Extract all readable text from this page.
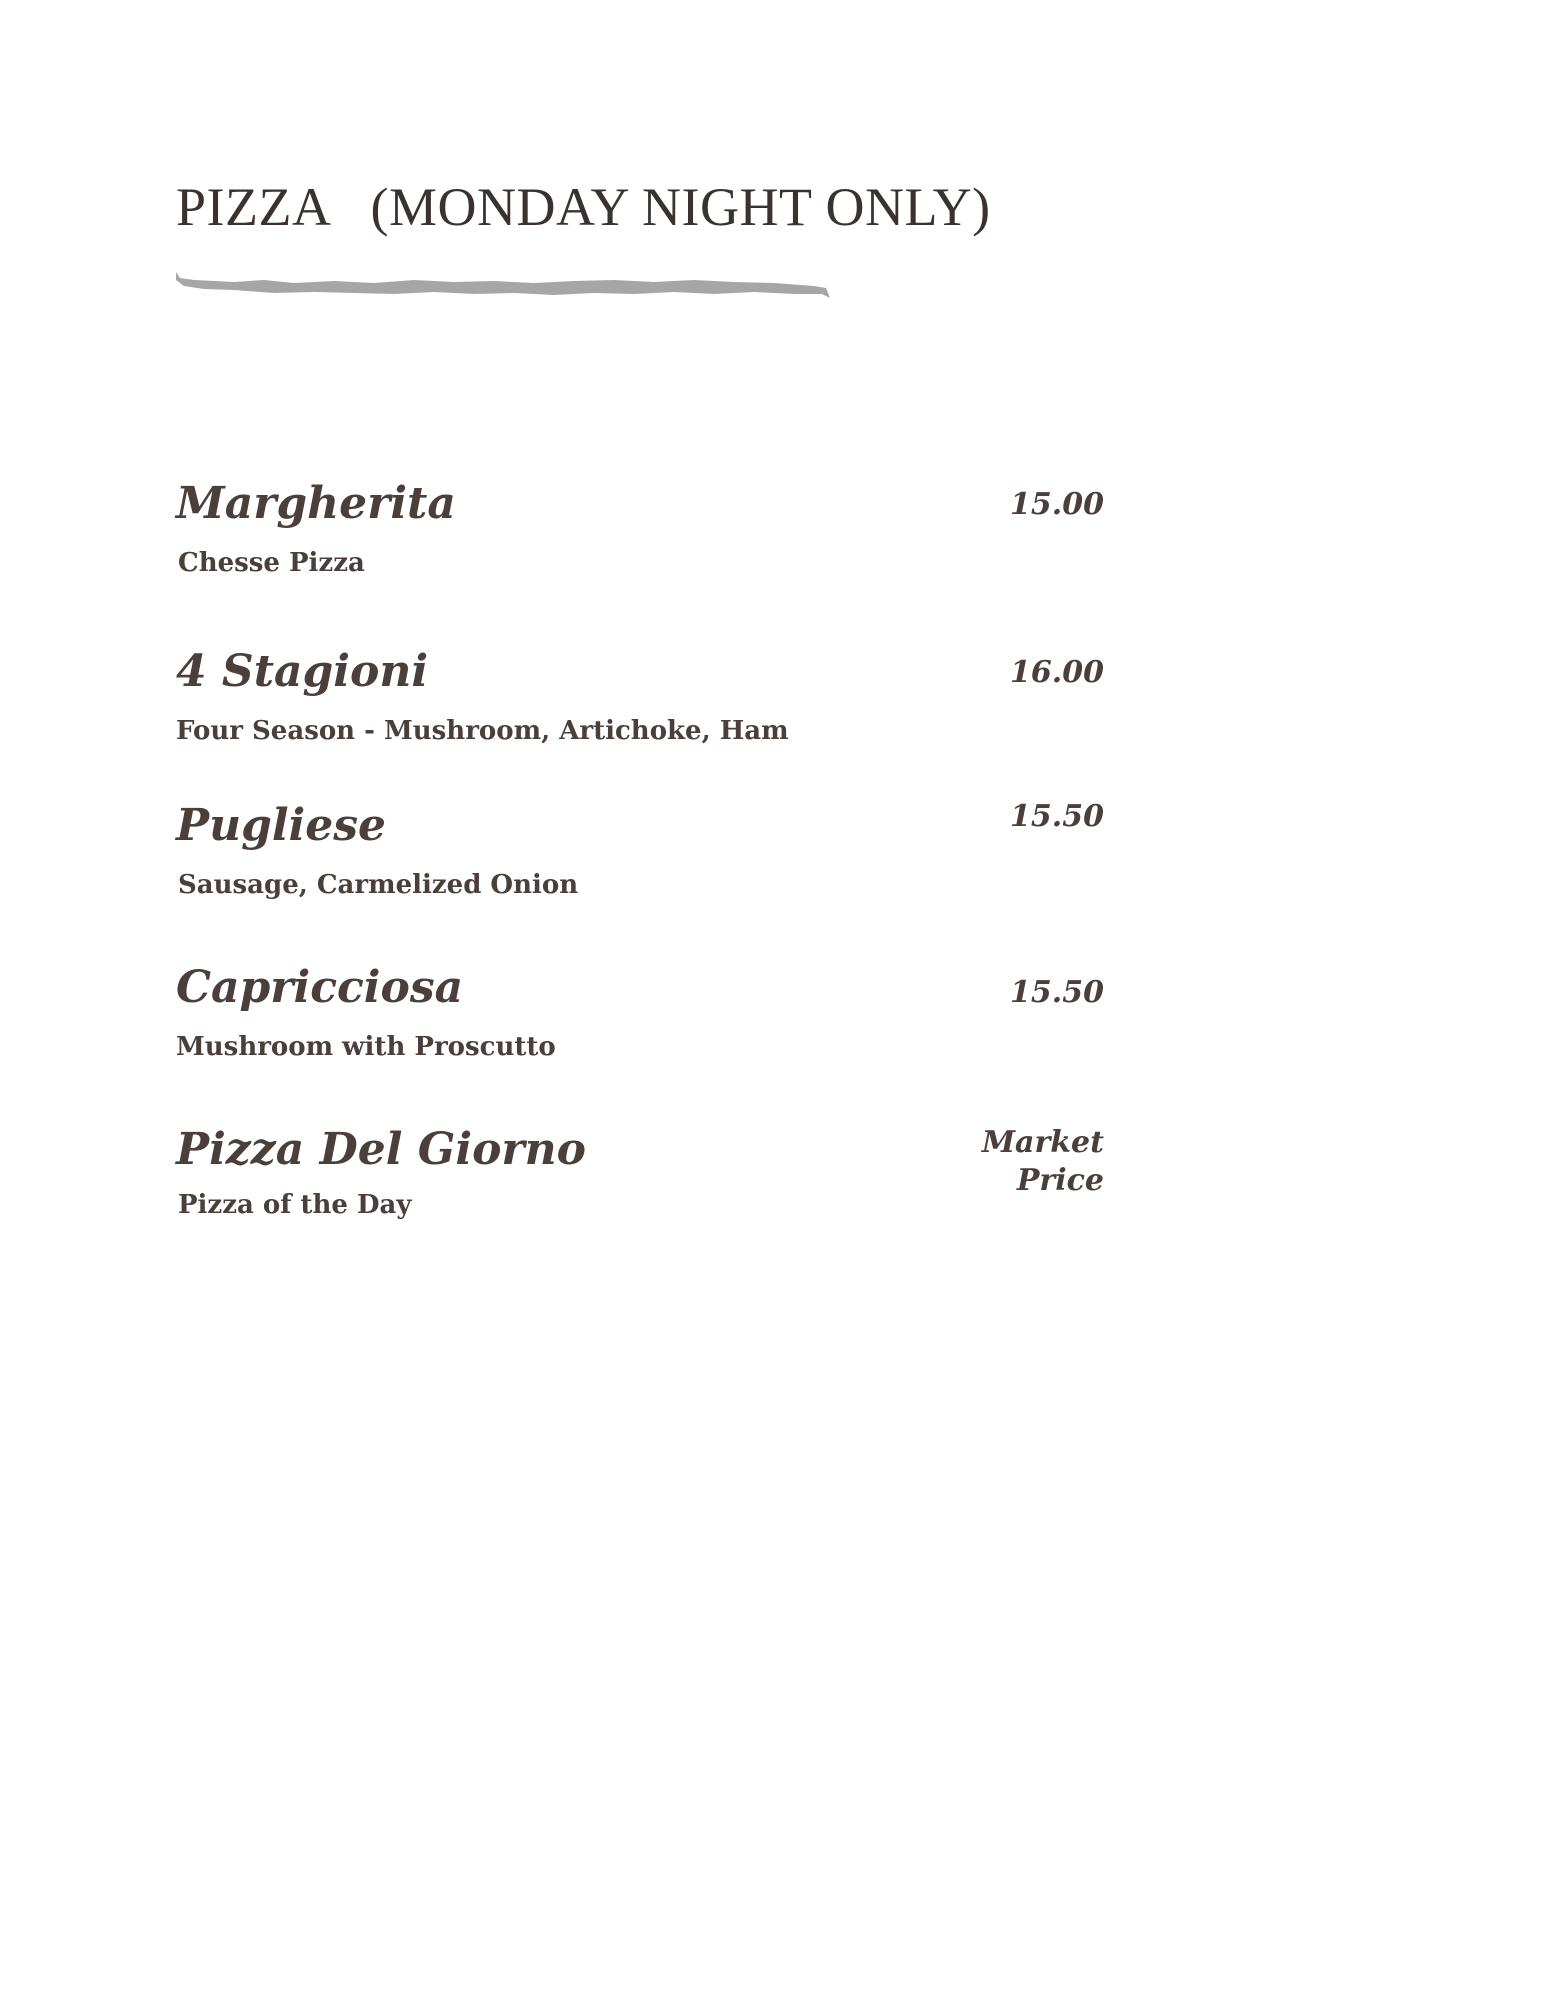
PIZZA   (MONDAY NIGHT ONLY)
Margherita	15.00
Chesse Pizza
4 Stagioni	16.00
Four Season - Mushroom, Artichoke, Ham
Pugliese	15.50
Sausage, Carmelized Onion
Capricciosa	15.50
Mushroom with Proscutto
Pizza Del Giorno	Market
Price
Pizza of the Day
